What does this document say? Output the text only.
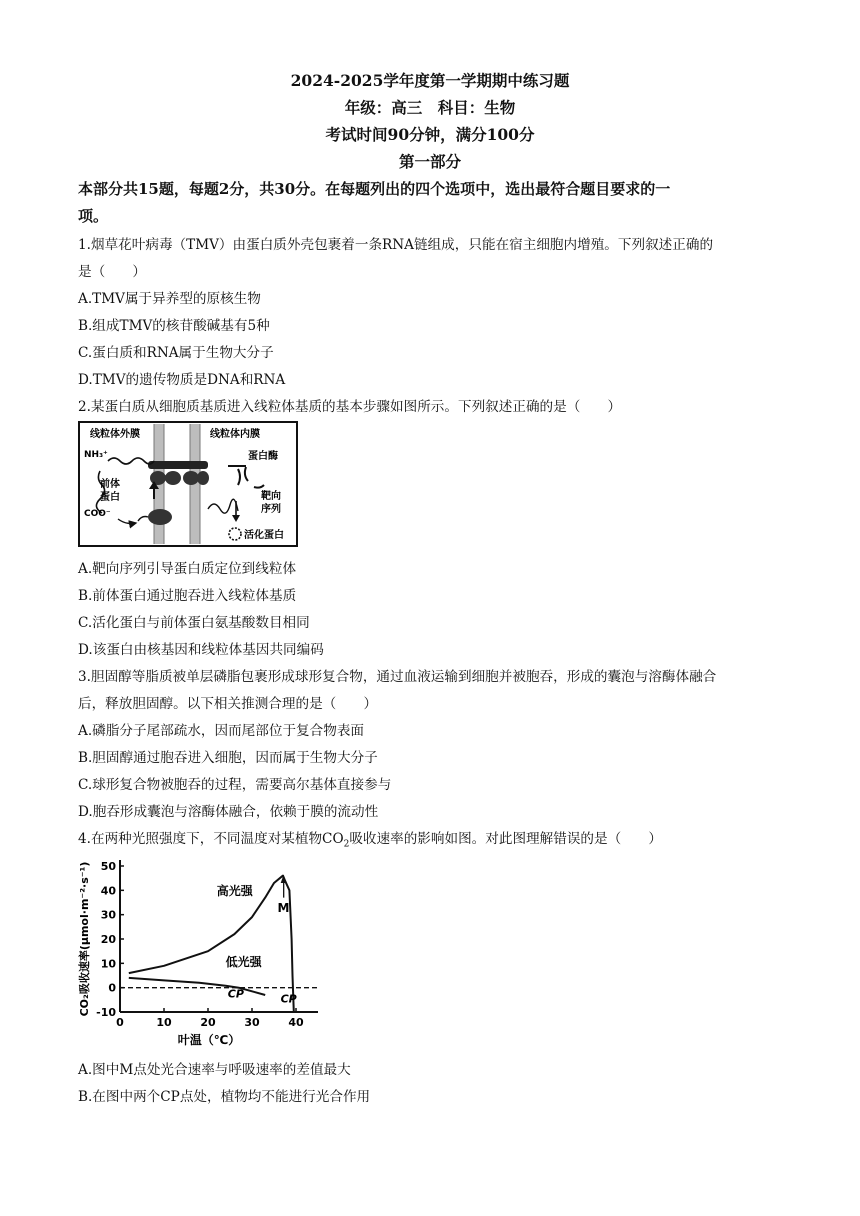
2024-2025学年度第一学期期中练习题
年级：高三　科目：生物
考试时间90分钟，满分100分
第一部分
本部分共15题，每题2分，共30分。在每题列出的四个选项中，选出最符合题目要求的一
项。
1.烟草花叶病毒（TMV）由蛋白质外壳包裹着一条RNA链组成，只能在宿主细胞内增殖。下列叙述正确的
是（　　）
A.TMV属于异养型的原核生物
B.组成TMV的核苷酸碱基有5种
C.蛋白质和RNA属于生物大分子
D.TMV的遗传物质是DNA和RNA
2.某蛋白质从细胞质基质进入线粒体基质的基本步骤如图所示。下列叙述正确的是（　　）
线粒体外膜	线粒体内膜
NH₃⁺
前体
蛋白
COO⁻
蛋白酶
靶向
序列
活化蛋白
A.靶向序列引导蛋白质定位到线粒体
B.前体蛋白通过胞吞进入线粒体基质
C.活化蛋白与前体蛋白氨基酸数目相同
D.该蛋白由核基因和线粒体基因共同编码
3.胆固醇等脂质被单层磷脂包裹形成球形复合物，通过血液运输到细胞并被胞吞，形成的囊泡与溶酶体融合
后，释放胆固醇。以下相关推测合理的是（　　）
A.磷脂分子尾部疏水，因而尾部位于复合物表面
B.胆固醇通过胞吞进入细胞，因而属于生物大分子
C.球形复合物被胞吞的过程，需要高尔基体直接参与
D.胞吞形成囊泡与溶酶体融合，依赖于膜的流动性
4.在两种光照强度下，不同温度对某植物$CO_2$吸收速率的影响如图。对此图理解错误的是（　　）
50
40
30
20
10
0
-10
0	10	20	30	40
叶温（℃）
CO₂吸收速率(μmol·m⁻²·s⁻¹)	高光强
低光强
M
CP	CP
A.图中M点处光合速率与呼吸速率的差值最大
B.在图中两个CP点处，植物均不能进行光合作用
